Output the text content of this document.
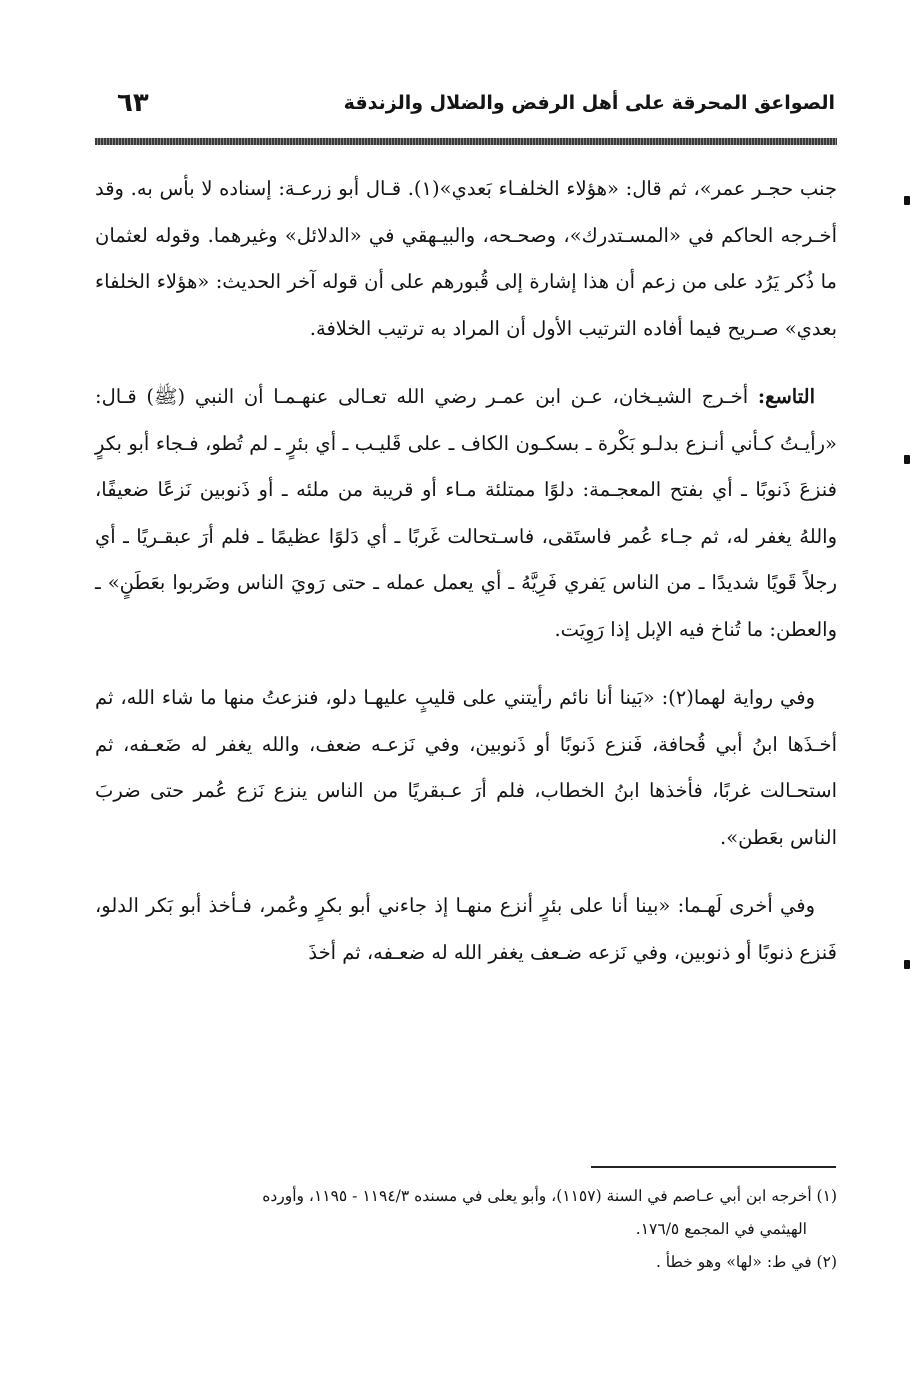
الصواعق المحرقة على أهل الرفض والضلال والزندقة
٦٣

جنب حجـر عمر»، ثم قال: «هؤلاء الخلفـاء بَعدي»(١). قـال أبو زرعـة: إسناده لا بأس به. وقد أخـرجه الحاكم في «المسـتدرك»، وصحـحه، والبيـهقي في «الدلائل» وغيرهما. وقوله لعثمان ما ذُكر يَرُد على من زعم أن هذا إشارة إلى قُبورهم على أن قوله آخر الحديث: «هؤلاء الخلفاء بعدي» صـريح فيما أفاده الترتيب الأول أن المراد به ترتيب الخلافة.

التاسع: أخـرج الشيـخان، عـن ابن عمـر رضي الله تعـالى عنهـمـا أن النبي (ﷺ) قـال: «رأيـتُ كـأني أنـزع بدلـو بَكْرة ـ بسكـون الكاف ـ على قَليـب ـ أي بئرٍ ـ لم تُطو، فـجاء أبو بكرٍ فنزعَ ذَنوبًا ـ أي بفتح المعجـمة: دلوًا ممتلئة مـاء أو قريبة من ملئه ـ أو ذَنوبين نَزعًا ضعيفًا، واللهُ يغفر له، ثم جـاء عُمر فاستَقى، فاسـتحالت غَربًا ـ أي دَلوًا عظيمًا ـ فلم أرَ عبقـريًا ـ أي رجلاً قَويًا شديدًا ـ من الناس يَفري فَرِيَّهُ ـ أي يعمل عمله ـ حتى رَويَ الناس وضَربوا بعَطَنٍ» ـ والعطن: ما تُناخ فيه الإبل إذا رَوِيَت.

وفي رواية لهما(٢): «بَينا أنا نائم رأيتني على قليبٍ عليهـا دلو، فنزعتُ منها ما شاء الله، ثم أخـذَها ابنُ أبي قُحافة، فَنزع ذَنوبًا أو ذَنوبين، وفي نَزعـه ضعف، والله يغفر له ضَعـفه، ثم استحـالت غربًا، فأخذها ابنُ الخطاب، فلم أرَ عـبقريًا من الناس ينزع نَزع عُمر حتى ضربَ الناس بعَطن».

وفي أخرى لَهـما: «بينا أنا على بئرٍ أنزع منهـا إذ جاءني أبو بكرٍ وعُمر، فـأخذ أبو بَكر الدلو، فَنزع ذنوبًا أو ذنوبين، وفي نَزعه ضـعف يغفر الله له ضعـفه، ثم أخذَ

(١) أخرجه ابن أبي عـاصم في السنة (١١٥٧)، وأبو يعلى في مسنده ١١٩٤/٣ - ١١٩٥، وأورده

الهيثمي في المجمع ١٧٦/٥.

(٢) في ط: «لها» وهو خطأ .
